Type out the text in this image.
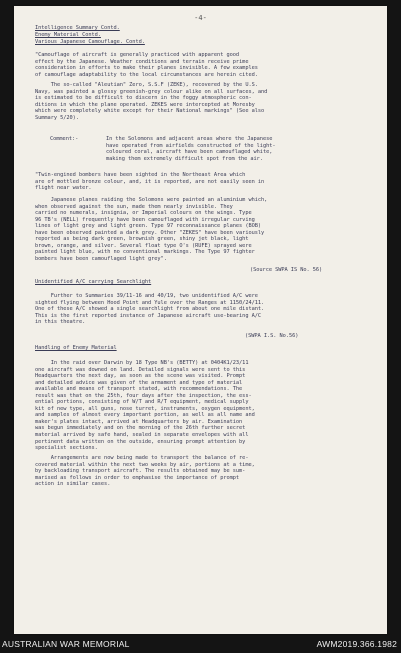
-4-
Intelligence Summary Contd.
Enemy Material Contd.
Various Japanese Camouflage. Contd.
"Camouflage of aircraft is generally practiced with apparent good
effect by the Japanese. Weather conditions and terrain receive prime
consideration in efforts to make their planes invisible. A few examples
of camouflage adaptability to the local circumstances are herein cited.
The so-called "Aleutian" Zero, S.S.F (ZEKE), recovered by the U.S.
Navy, was painted a glossy greenish-grey colour alike on all surfaces, and
is estimated to be difficult to discern in the foggy atmospheric con-
ditions in which the plane operated. ZEKES were intercepted at Moresby
which were completely white except for their National markings" (See also
Summary 5/20).
Comment:-	In the Solomons and adjacent areas where the Japanese
have operated from airfields constructed of the light-
coloured coral, aircraft have been camouflaged white,
making them extremely difficult spot from the air.
"Twin-engined bombers have been sighted in the Northeast Area which
are of mottled bronze colour, and, it is reported, are not easily seen in
flight near water.
Japanese planes raiding the Solomons were painted an aluminium which,
when observed against the sun, made them nearly invisible. They
carried no numerals, insignia, or Imperial colours on the wings. Type
96 TB's (NELL) frequently have been camouflaged with irregular curving
lines of light grey and light green. Type 97 reconnaissance planes (BOB)
have been observed painted a dark grey. Other "ZEKES" have been variously
reported as being dark green, brownish green, shiny jet black, light
brown, orange, and silver. Several float type O's (RUFE) sprayed were
painted light blue, with no conventional markings. The Type 97 fighter
bombers have been camouflaged light grey".
(Source SWPA IS No. 56)
Unidentified A/C carrying Searchlight
Further to Summaries 39/11-16 and 40/19, two unidentified A/C were
sighted flying between Hood Point and Yule over the Ranges at 1150/24/11.
One of these A/C showed a single searchlight from about one mile distant.
This is the first reported instance of Japanese aircraft use-bearing A/C
in this theatre.
(SWPA I.S. No.56)
Handling of Enemy Material
In the raid over Darwin by 18 Type NB's (BETTY) at 0404K1/23/11
one aircraft was downed on land. Detailed signals were sent to this
Headquarters the next day, as soon as the scene was visited. Prompt
and detailed advice was given of the armament and type of material
available and means of transport stated, with recommendations. The
result was that on the 25th, four days after the inspection, the ess-
ential portions, consisting of W/T and R/T equipment, medical supply
kit of new type, all guns, nose turret, instruments, oxygen equipment,
and samples of almost every important portion, as well as all name and
maker's plates intact, arrived at Headquarters by air. Examination
was begun immediately and on the morning of the 26th further secret
material arrived by safe hand, sealed in separate envelopes with all
pertinent data written on the outside, ensuring prompt attention by
specialist sections.
Arrangements are now being made to transport the balance of re-
covered material within the next two weeks by air, portions at a time,
by backloading transport aircraft. The results obtained may be sum-
marised as follows in order to emphasise the importance of prompt
action in similar cases.
AUSTRALIAN WAR MEMORIAL	AWM2019.366.1982
